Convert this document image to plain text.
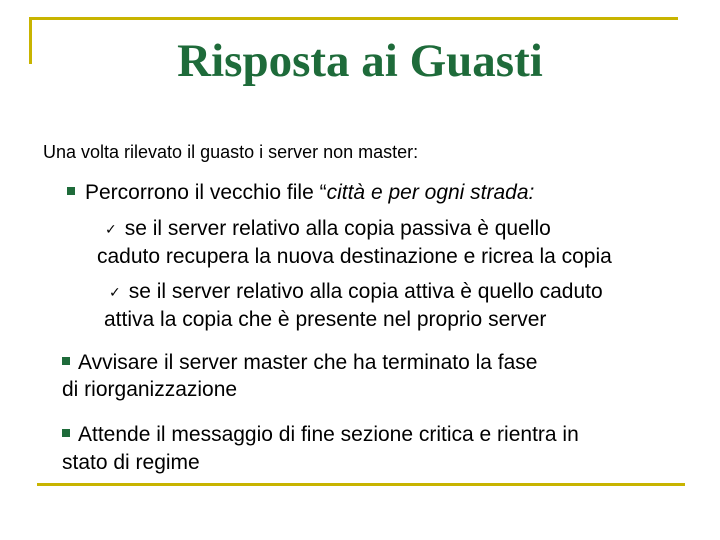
Risposta ai Guasti
Una volta rilevato il guasto i server non master:
Percorrono il vecchio file “città e per ogni strada:
✓ se il server relativo alla copia passiva è quello
caduto recupera la nuova destinazione e ricrea la copia
✓ se il server relativo alla copia attiva è quello caduto
attiva la copia che è presente nel proprio server
Avvisare il server master che ha terminato la fase
di riorganizzazione
Attende il messaggio di fine sezione critica e rientra in
stato di regime
